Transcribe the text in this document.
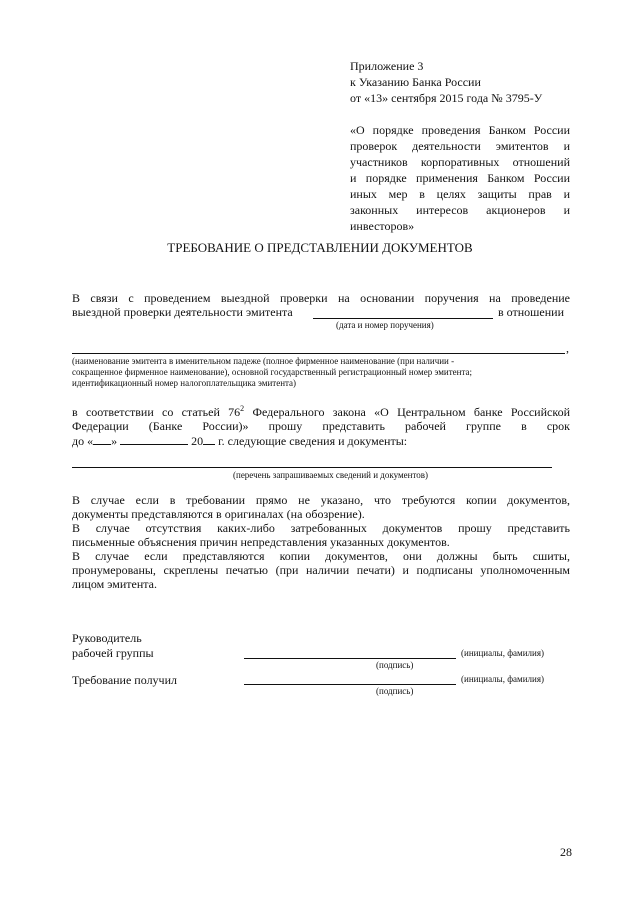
Приложение 3
к Указанию Банка России
от «13» сентября 2015 года № 3795-У
«О порядке проведения Банком России
проверок деятельности эмитентов и
участников корпоративных отношений
и порядке применения Банком России
иных мер в целях защиты прав и
законных интересов акционеров и
инвесторов»
ТРЕБОВАНИЕ О ПРЕДСТАВЛЕНИИ ДОКУМЕНТОВ
В связи с проведением выездной проверки на основании поручения на проведение
выездной проверки деятельности эмитента	в отношении
(дата и номер поручения)
,
(наименование эмитента в именительном падеже (полное фирменное наименование (при наличии -
сокращенное фирменное наименование), основной государственный регистрационный номер эмитента;
идентификационный номер налогоплательщика эмитента)
в соответствии со статьей $76^2$ Федерального закона «О Центральном банке Российской
Федерации (Банке России)» прошу представить рабочей группе в срок
до « »	20 г. следующие сведения и документы:
(перечень запрашиваемых сведений и документов)
В случае если в требовании прямо не указано, что требуются копии документов,
документы представляются в оригиналах (на обозрение).
В случае отсутствия каких-либо затребованных документов прошу представить
письменные объяснения причин непредставления указанных документов.
В случае если представляются копии документов, они должны быть сшиты,
пронумерованы, скреплены печатью (при наличии печати) и подписаны уполномоченным
лицом эмитента.
Руководитель
рабочей группы	(инициалы, фамилия)
(подпись)
Требование получил	(инициалы, фамилия)
(подпись)
28
